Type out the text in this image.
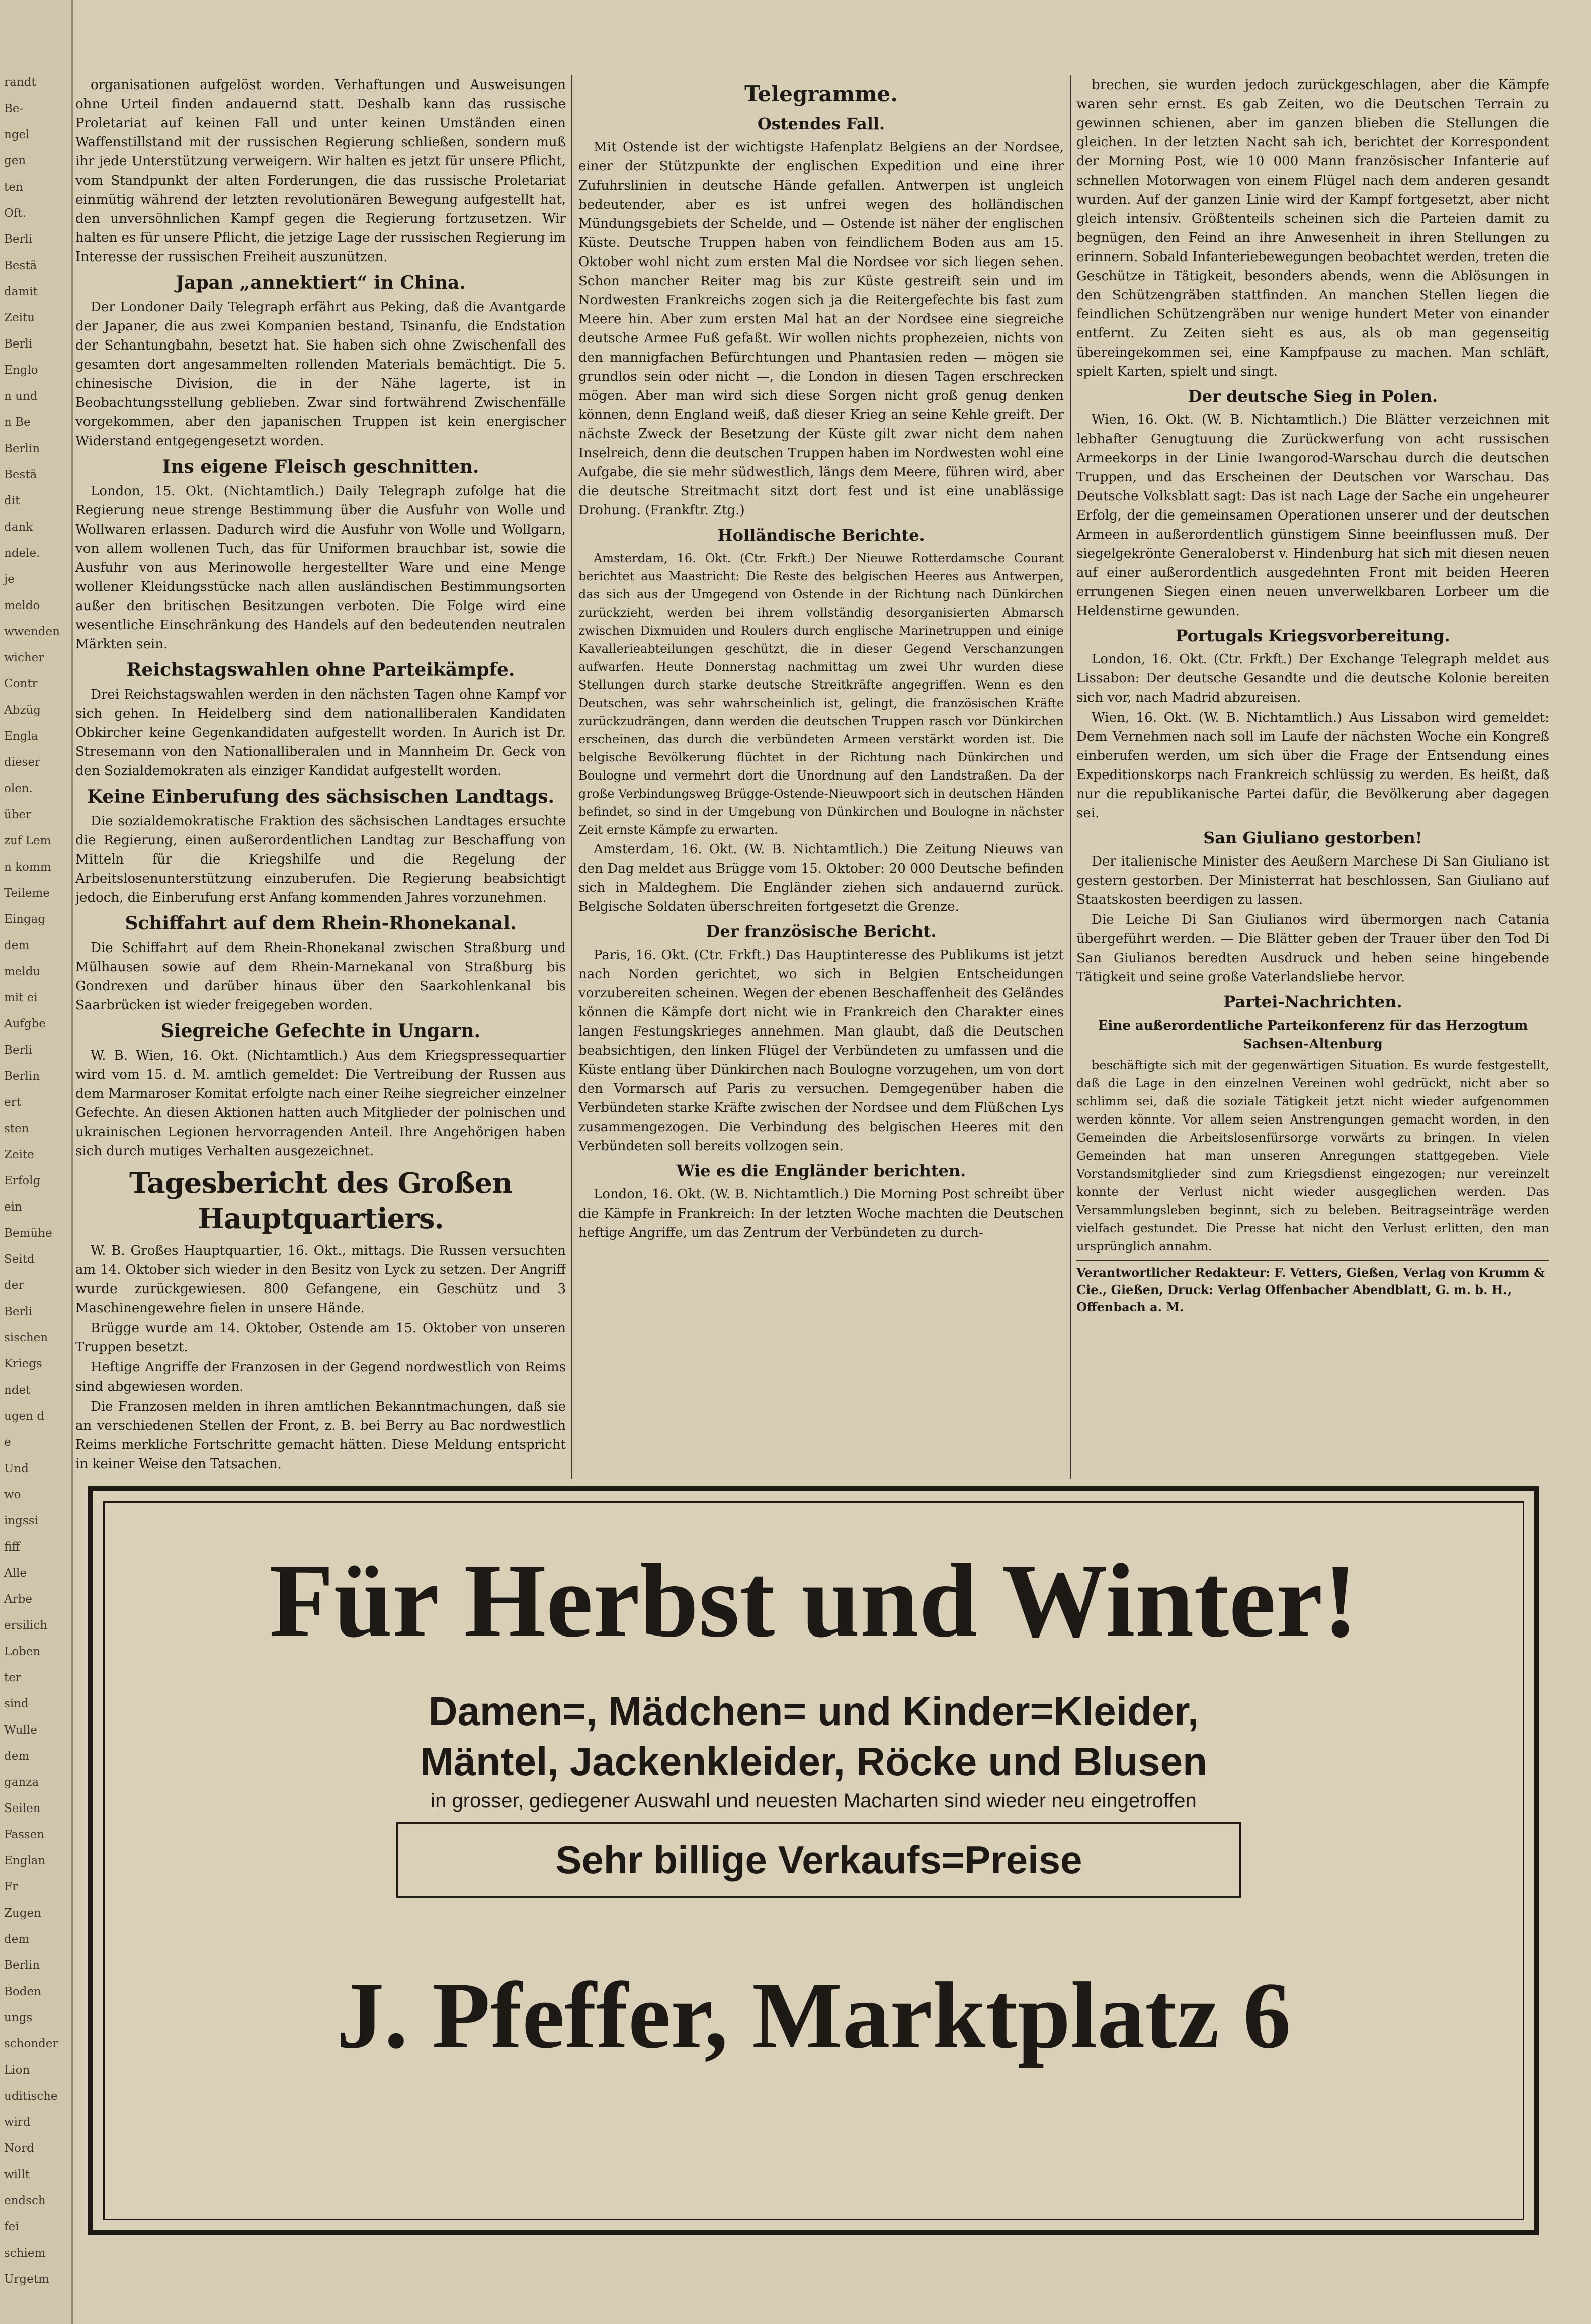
randt
Be-
ngel
gen
ten
Oft.
Berli
Bestä
damit
Zeitu
Berli
Englo
n und
n Be
Berlin
Bestä
dit
dank
ndele.
je
meldo
wwenden
wicher
Contr
Abzüg
Engla
dieser
olen.
über
zuf Lem
n komm
Teileme
Eingag
dem
meldu
mit ei
Aufgbe
Berli
Berlin
ert
sten
Zeite
Erfolg
ein
Bemühe
Seitd
der
Berli
sischen
Kriegs
ndet
ugen d
e
Und
wo
ingssi
fiff
Alle
Arbe
ersilich
Loben
ter
sind
Wulle
dem
ganza
Seilen
Fassen
Englan
Fr
Zugen
dem
Berlin
Boden
ungs
schonder
Lion
uditische
wird
Nord
willt
endsch
fei
schiem
Urgetm

organisationen aufgelöst worden. Verhaftungen und Ausweisungen ohne Urteil finden andauernd statt. Deshalb kann das russische Proletariat auf keinen Fall und unter keinen Umständen einen Waffenstillstand mit der russischen Regierung schließen, sondern muß ihr jede Unterstützung verweigern. Wir halten es jetzt für unsere Pflicht, vom Standpunkt der alten Forderungen, die das russische Proletariat einmütig während der letzten revolutionären Bewegung aufgestellt hat, den unversöhnlichen Kampf gegen die Regierung fortzusetzen. Wir halten es für unsere Pflicht, die jetzige Lage der russischen Regierung im Interesse der russischen Freiheit auszunützen.

Japan „annektiert“ in China.

Der Londoner Daily Telegraph erfährt aus Peking, daß die Avantgarde der Japaner, die aus zwei Kompanien bestand, Tsinanfu, die Endstation der Schantungbahn, besetzt hat. Sie haben sich ohne Zwischenfall des gesamten dort angesammelten rollenden Materials bemächtigt. Die 5. chinesische Division, die in der Nähe lagerte, ist in Beobachtungsstellung geblieben. Zwar sind fortwährend Zwischenfälle vorgekommen, aber den japanischen Truppen ist kein energischer Widerstand entgegengesetzt worden.

Ins eigene Fleisch geschnitten.

London, 15. Okt. (Nichtamtlich.) Daily Telegraph zufolge hat die Regierung neue strenge Bestimmung über die Ausfuhr von Wolle und Wollwaren erlassen. Dadurch wird die Ausfuhr von Wolle und Wollgarn, von allem wollenen Tuch, das für Uniformen brauchbar ist, sowie die Ausfuhr von aus Merinowolle hergestellter Ware und eine Menge wollener Kleidungsstücke nach allen ausländischen Bestimmungsorten außer den britischen Besitzungen verboten. Die Folge wird eine wesentliche Einschränkung des Handels auf den bedeutenden neutralen Märkten sein.

Reichstagswahlen ohne Parteikämpfe.

Drei Reichstagswahlen werden in den nächsten Tagen ohne Kampf vor sich gehen. In Heidelberg sind dem nationalliberalen Kandidaten Obkircher keine Gegenkandidaten aufgestellt worden. In Aurich ist Dr. Stresemann von den Nationalliberalen und in Mannheim Dr. Geck von den Sozialdemokraten als einziger Kandidat aufgestellt worden.

Keine Einberufung des sächsischen Landtags.

Die sozialdemokratische Fraktion des sächsischen Landtages ersuchte die Regierung, einen außerordentlichen Landtag zur Beschaffung von Mitteln für die Kriegshilfe und die Regelung der Arbeitslosenunterstützung einzuberufen. Die Regierung beabsichtigt jedoch, die Einberufung erst Anfang kommenden Jahres vorzunehmen.

Schiffahrt auf dem Rhein-Rhonekanal.

Die Schiffahrt auf dem Rhein-Rhonekanal zwischen Straßburg und Mülhausen sowie auf dem Rhein-Marnekanal von Straßburg bis Gondrexen und darüber hinaus über den Saarkohlenkanal bis Saarbrücken ist wieder freigegeben worden.

Siegreiche Gefechte in Ungarn.

W. B. Wien, 16. Okt. (Nichtamtlich.) Aus dem Kriegspressequartier wird vom 15. d. M. amtlich gemeldet: Die Vertreibung der Russen aus dem Marmaroser Komitat erfolgte nach einer Reihe siegreicher einzelner Gefechte. An diesen Aktionen hatten auch Mitglieder der polnischen und ukrainischen Legionen hervorragenden Anteil. Ihre Angehörigen haben sich durch mutiges Verhalten ausgezeichnet.

Tagesbericht des Großen Hauptquartiers.

W. B. Großes Hauptquartier, 16. Okt., mittags. Die Russen versuchten am 14. Oktober sich wieder in den Besitz von Lyck zu setzen. Der Angriff wurde zurückgewiesen. 800 Gefangene, ein Geschütz und 3 Maschinengewehre fielen in unsere Hände.

Brügge wurde am 14. Oktober, Ostende am 15. Oktober von unseren Truppen besetzt.

Heftige Angriffe der Franzosen in der Gegend nordwestlich von Reims sind abgewiesen worden.

Die Franzosen melden in ihren amtlichen Bekanntmachungen, daß sie an verschiedenen Stellen der Front, z. B. bei Berry au Bac nordwestlich Reims merkliche Fortschritte gemacht hätten. Diese Meldung entspricht in keiner Weise den Tatsachen.

Telegramme.
Ostendes Fall.

Mit Ostende ist der wichtigste Hafenplatz Belgiens an der Nordsee, einer der Stützpunkte der englischen Expedition und eine ihrer Zufuhrslinien in deutsche Hände gefallen. Antwerpen ist ungleich bedeutender, aber es ist unfrei wegen des holländischen Mündungsgebiets der Schelde, und — Ostende ist näher der englischen Küste. Deutsche Truppen haben von feindlichem Boden aus am 15. Oktober wohl nicht zum ersten Mal die Nordsee vor sich liegen sehen. Schon mancher Reiter mag bis zur Küste gestreift sein und im Nordwesten Frankreichs zogen sich ja die Reitergefechte bis fast zum Meere hin. Aber zum ersten Mal hat an der Nordsee eine siegreiche deutsche Armee Fuß gefaßt. Wir wollen nichts prophezeien, nichts von den mannigfachen Befürchtungen und Phantasien reden — mögen sie grundlos sein oder nicht —, die London in diesen Tagen erschrecken mögen. Aber man wird sich diese Sorgen nicht groß genug denken können, denn England weiß, daß dieser Krieg an seine Kehle greift. Der nächste Zweck der Besetzung der Küste gilt zwar nicht dem nahen Inselreich, denn die deutschen Truppen haben im Nordwesten wohl eine Aufgabe, die sie mehr südwestlich, längs dem Meere, führen wird, aber die deutsche Streitmacht sitzt dort fest und ist eine unablässige Drohung. (Frankftr. Ztg.)

Holländische Berichte.

Amsterdam, 16. Okt. (Ctr. Frkft.) Der Nieuwe Rotterdamsche Courant berichtet aus Maastricht: Die Reste des belgischen Heeres aus Antwerpen, das sich aus der Umgegend von Ostende in der Richtung nach Dünkirchen zurückzieht, werden bei ihrem vollständig desorganisierten Abmarsch zwischen Dixmuiden und Roulers durch englische Marinetruppen und einige Kavallerieabteilungen geschützt, die in dieser Gegend Verschanzungen aufwarfen. Heute Donnerstag nachmittag um zwei Uhr wurden diese Stellungen durch starke deutsche Streitkräfte angegriffen. Wenn es den Deutschen, was sehr wahrscheinlich ist, gelingt, die französischen Kräfte zurückzudrängen, dann werden die deutschen Truppen rasch vor Dünkirchen erscheinen, das durch die verbündeten Armeen verstärkt worden ist. Die belgische Bevölkerung flüchtet in der Richtung nach Dünkirchen und Boulogne und vermehrt dort die Unordnung auf den Landstraßen. Da der große Verbindungsweg Brügge-Ostende-Nieuwpoort sich in deutschen Händen befindet, so sind in der Umgebung von Dünkirchen und Boulogne in nächster Zeit ernste Kämpfe zu erwarten.

Amsterdam, 16. Okt. (W. B. Nichtamtlich.) Die Zeitung Nieuws van den Dag meldet aus Brügge vom 15. Oktober: 20 000 Deutsche befinden sich in Maldeghem. Die Engländer ziehen sich andauernd zurück. Belgische Soldaten überschreiten fortgesetzt die Grenze.

Der französische Bericht.

Paris, 16. Okt. (Ctr. Frkft.) Das Hauptinteresse des Publikums ist jetzt nach Norden gerichtet, wo sich in Belgien Entscheidungen vorzubereiten scheinen. Wegen der ebenen Beschaffenheit des Geländes können die Kämpfe dort nicht wie in Frankreich den Charakter eines langen Festungskrieges annehmen. Man glaubt, daß die Deutschen beabsichtigen, den linken Flügel der Verbündeten zu umfassen und die Küste entlang über Dünkirchen nach Boulogne vorzugehen, um von dort den Vormarsch auf Paris zu versuchen. Demgegenüber haben die Verbündeten starke Kräfte zwischen der Nordsee und dem Flüßchen Lys zusammengezogen. Die Verbindung des belgischen Heeres mit den Verbündeten soll bereits vollzogen sein.

Wie es die Engländer berichten.

London, 16. Okt. (W. B. Nichtamtlich.) Die Morning Post schreibt über die Kämpfe in Frankreich: In der letzten Woche machten die Deutschen heftige Angriffe, um das Zentrum der Verbündeten zu durch-

brechen, sie wurden jedoch zurückgeschlagen, aber die Kämpfe waren sehr ernst. Es gab Zeiten, wo die Deutschen Terrain zu gewinnen schienen, aber im ganzen blieben die Stellungen die gleichen. In der letzten Nacht sah ich, berichtet der Korrespondent der Morning Post, wie 10 000 Mann französischer Infanterie auf schnellen Motorwagen von einem Flügel nach dem anderen gesandt wurden. Auf der ganzen Linie wird der Kampf fortgesetzt, aber nicht gleich intensiv. Größtenteils scheinen sich die Parteien damit zu begnügen, den Feind an ihre Anwesenheit in ihren Stellungen zu erinnern. Sobald Infanteriebewegungen beobachtet werden, treten die Geschütze in Tätigkeit, besonders abends, wenn die Ablösungen in den Schützengräben stattfinden. An manchen Stellen liegen die feindlichen Schützengräben nur wenige hundert Meter von einander entfernt. Zu Zeiten sieht es aus, als ob man gegenseitig übereingekommen sei, eine Kampfpause zu machen. Man schläft, spielt Karten, spielt und singt.

Der deutsche Sieg in Polen.

Wien, 16. Okt. (W. B. Nichtamtlich.) Die Blätter verzeichnen mit lebhafter Genugtuung die Zurückwerfung von acht russischen Armeekorps in der Linie Iwangorod-Warschau durch die deutschen Truppen, und das Erscheinen der Deutschen vor Warschau. Das Deutsche Volksblatt sagt: Das ist nach Lage der Sache ein ungeheurer Erfolg, der die gemeinsamen Operationen unserer und der deutschen Armeen in außerordentlich günstigem Sinne beeinflussen muß. Der siegelgekrönte Generaloberst v. Hindenburg hat sich mit diesen neuen auf einer außerordentlich ausgedehnten Front mit beiden Heeren errungenen Siegen einen neuen unverwelkbaren Lorbeer um die Heldenstirne gewunden.

Portugals Kriegsvorbereitung.

London, 16. Okt. (Ctr. Frkft.) Der Exchange Telegraph meldet aus Lissabon: Der deutsche Gesandte und die deutsche Kolonie bereiten sich vor, nach Madrid abzureisen.

Wien, 16. Okt. (W. B. Nichtamtlich.) Aus Lissabon wird gemeldet: Dem Vernehmen nach soll im Laufe der nächsten Woche ein Kongreß einberufen werden, um sich über die Frage der Entsendung eines Expeditionskorps nach Frankreich schlüssig zu werden. Es heißt, daß nur die republikanische Partei dafür, die Bevölkerung aber dagegen sei.

San Giuliano gestorben!

Der italienische Minister des Aeußern Marchese Di San Giuliano ist gestern gestorben. Der Ministerrat hat beschlossen, San Giuliano auf Staatskosten beerdigen zu lassen.

Die Leiche Di San Giulianos wird übermorgen nach Catania übergeführt werden. — Die Blätter geben der Trauer über den Tod Di San Giulianos beredten Ausdruck und heben seine hingebende Tätigkeit und seine große Vaterlandsliebe hervor.

Partei-Nachrichten.
Eine außerordentliche Parteikonferenz für das Herzogtum Sachsen-Altenburg

beschäftigte sich mit der gegenwärtigen Situation. Es wurde festgestellt, daß die Lage in den einzelnen Vereinen wohl gedrückt, nicht aber so schlimm sei, daß die soziale Tätigkeit jetzt nicht wieder aufgenommen werden könnte. Vor allem seien Anstrengungen gemacht worden, in den Gemeinden die Arbeitslosenfürsorge vorwärts zu bringen. In vielen Gemeinden hat man unseren Anregungen stattgegeben. Viele Vorstandsmitglieder sind zum Kriegsdienst eingezogen; nur vereinzelt konnte der Verlust nicht wieder ausgeglichen werden. Das Versammlungsleben beginnt, sich zu beleben. Beitragseinträge werden vielfach gestundet. Die Presse hat nicht den Verlust erlitten, den man ursprünglich annahm.

Verantwortlicher Redakteur: F. Vetters, Gießen, Verlag von Krumm & Cie., Gießen, Druck: Verlag Offenbacher Abendblatt, G. m. b. H., Offenbach a. M.

Für Herbst und Winter!
Damen=, Mädchen= und Kinder=Kleider,
Mäntel, Jackenkleider, Röcke und Blusen
in grosser, gediegener Auswahl und neuesten Macharten sind wieder neu eingetroffen
Sehr billige Verkaufs=Preise
J. Pfeffer, Marktplatz 6
